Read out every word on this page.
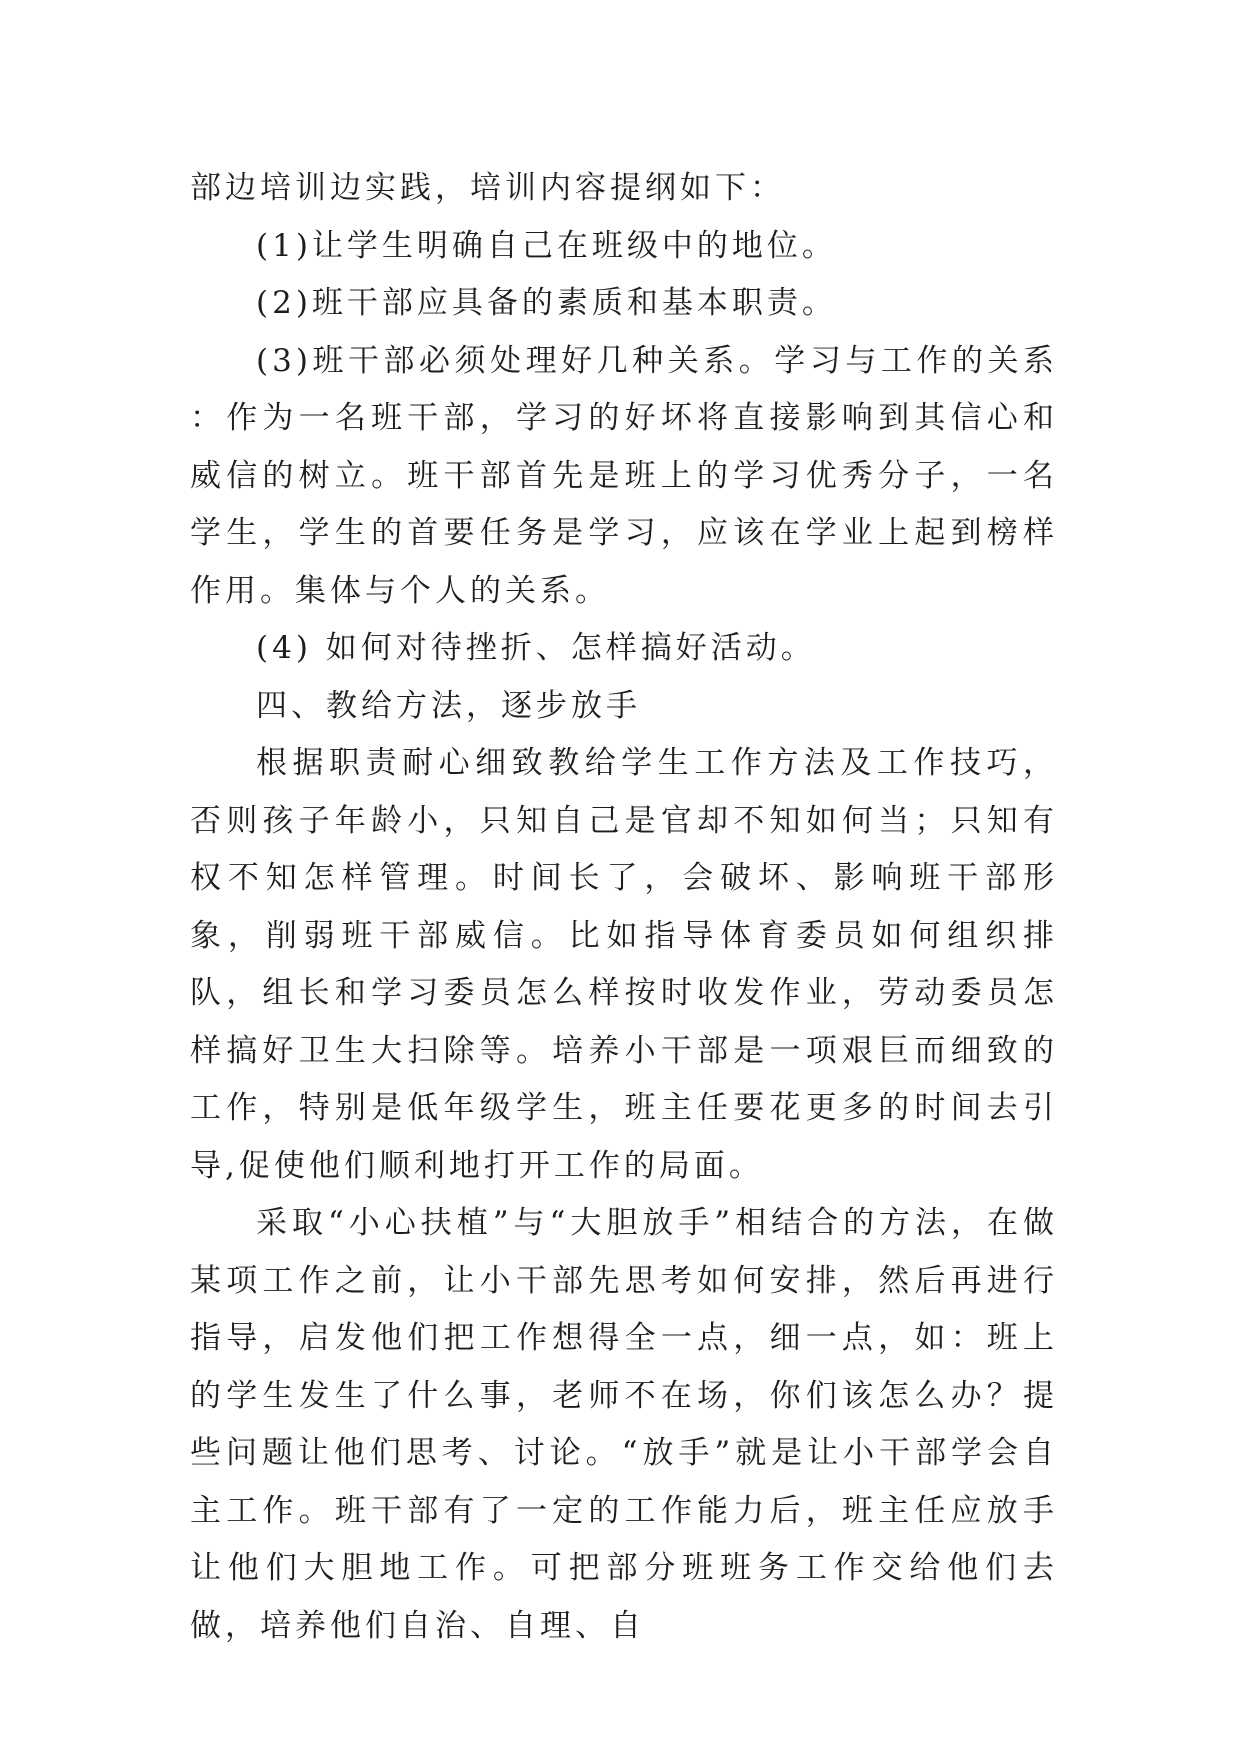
部边培训边实践，培训内容提纲如下：

(1)让学生明确自己在班级中的地位。

(2)班干部应具备的素质和基本职责。

(3)班干部必须处理好几种关系。学习与工作的关系 ：作为一名班干部，学习的好坏将直接影响到其信心和威信的树立。班干部首先是班上的学习优秀分子，一名学生，学生的首要任务是学习，应该在学业上起到榜样作用。集体与个人的关系。

(4) 如何对待挫折、怎样搞好活动。

四、教给方法，逐步放手

根据职责耐心细致教给学生工作方法及工作技巧，否则孩子年龄小，只知自己是官却不知如何当；只知有权不知怎样管理。时间长了，会破坏、影响班干部形象，削弱班干部威信。比如指导体育委员如何组织排队，组长和学习委员怎么样按时收发作业，劳动委员怎样搞好卫生大扫除等。培养小干部是一项艰巨而细致的工作，特别是低年级学生，班主任要花更多的时间去引导,促使他们顺利地打开工作的局面。

采取“小心扶植”与“大胆放手”相结合的方法，在做某项工作之前，让小干部先思考如何安排，然后再进行指导，启发他们把工作想得全一点，细一点，如：班上的学生发生了什么事，老师不在场，你们该怎么办？提些问题让他们思考、讨论。“放手”就是让小干部学会自主工作。班干部有了一定的工作能力后，班主任应放手让他们大胆地工作。可把部分班班务工作交给他们去做，培养他们自治、自理、自
